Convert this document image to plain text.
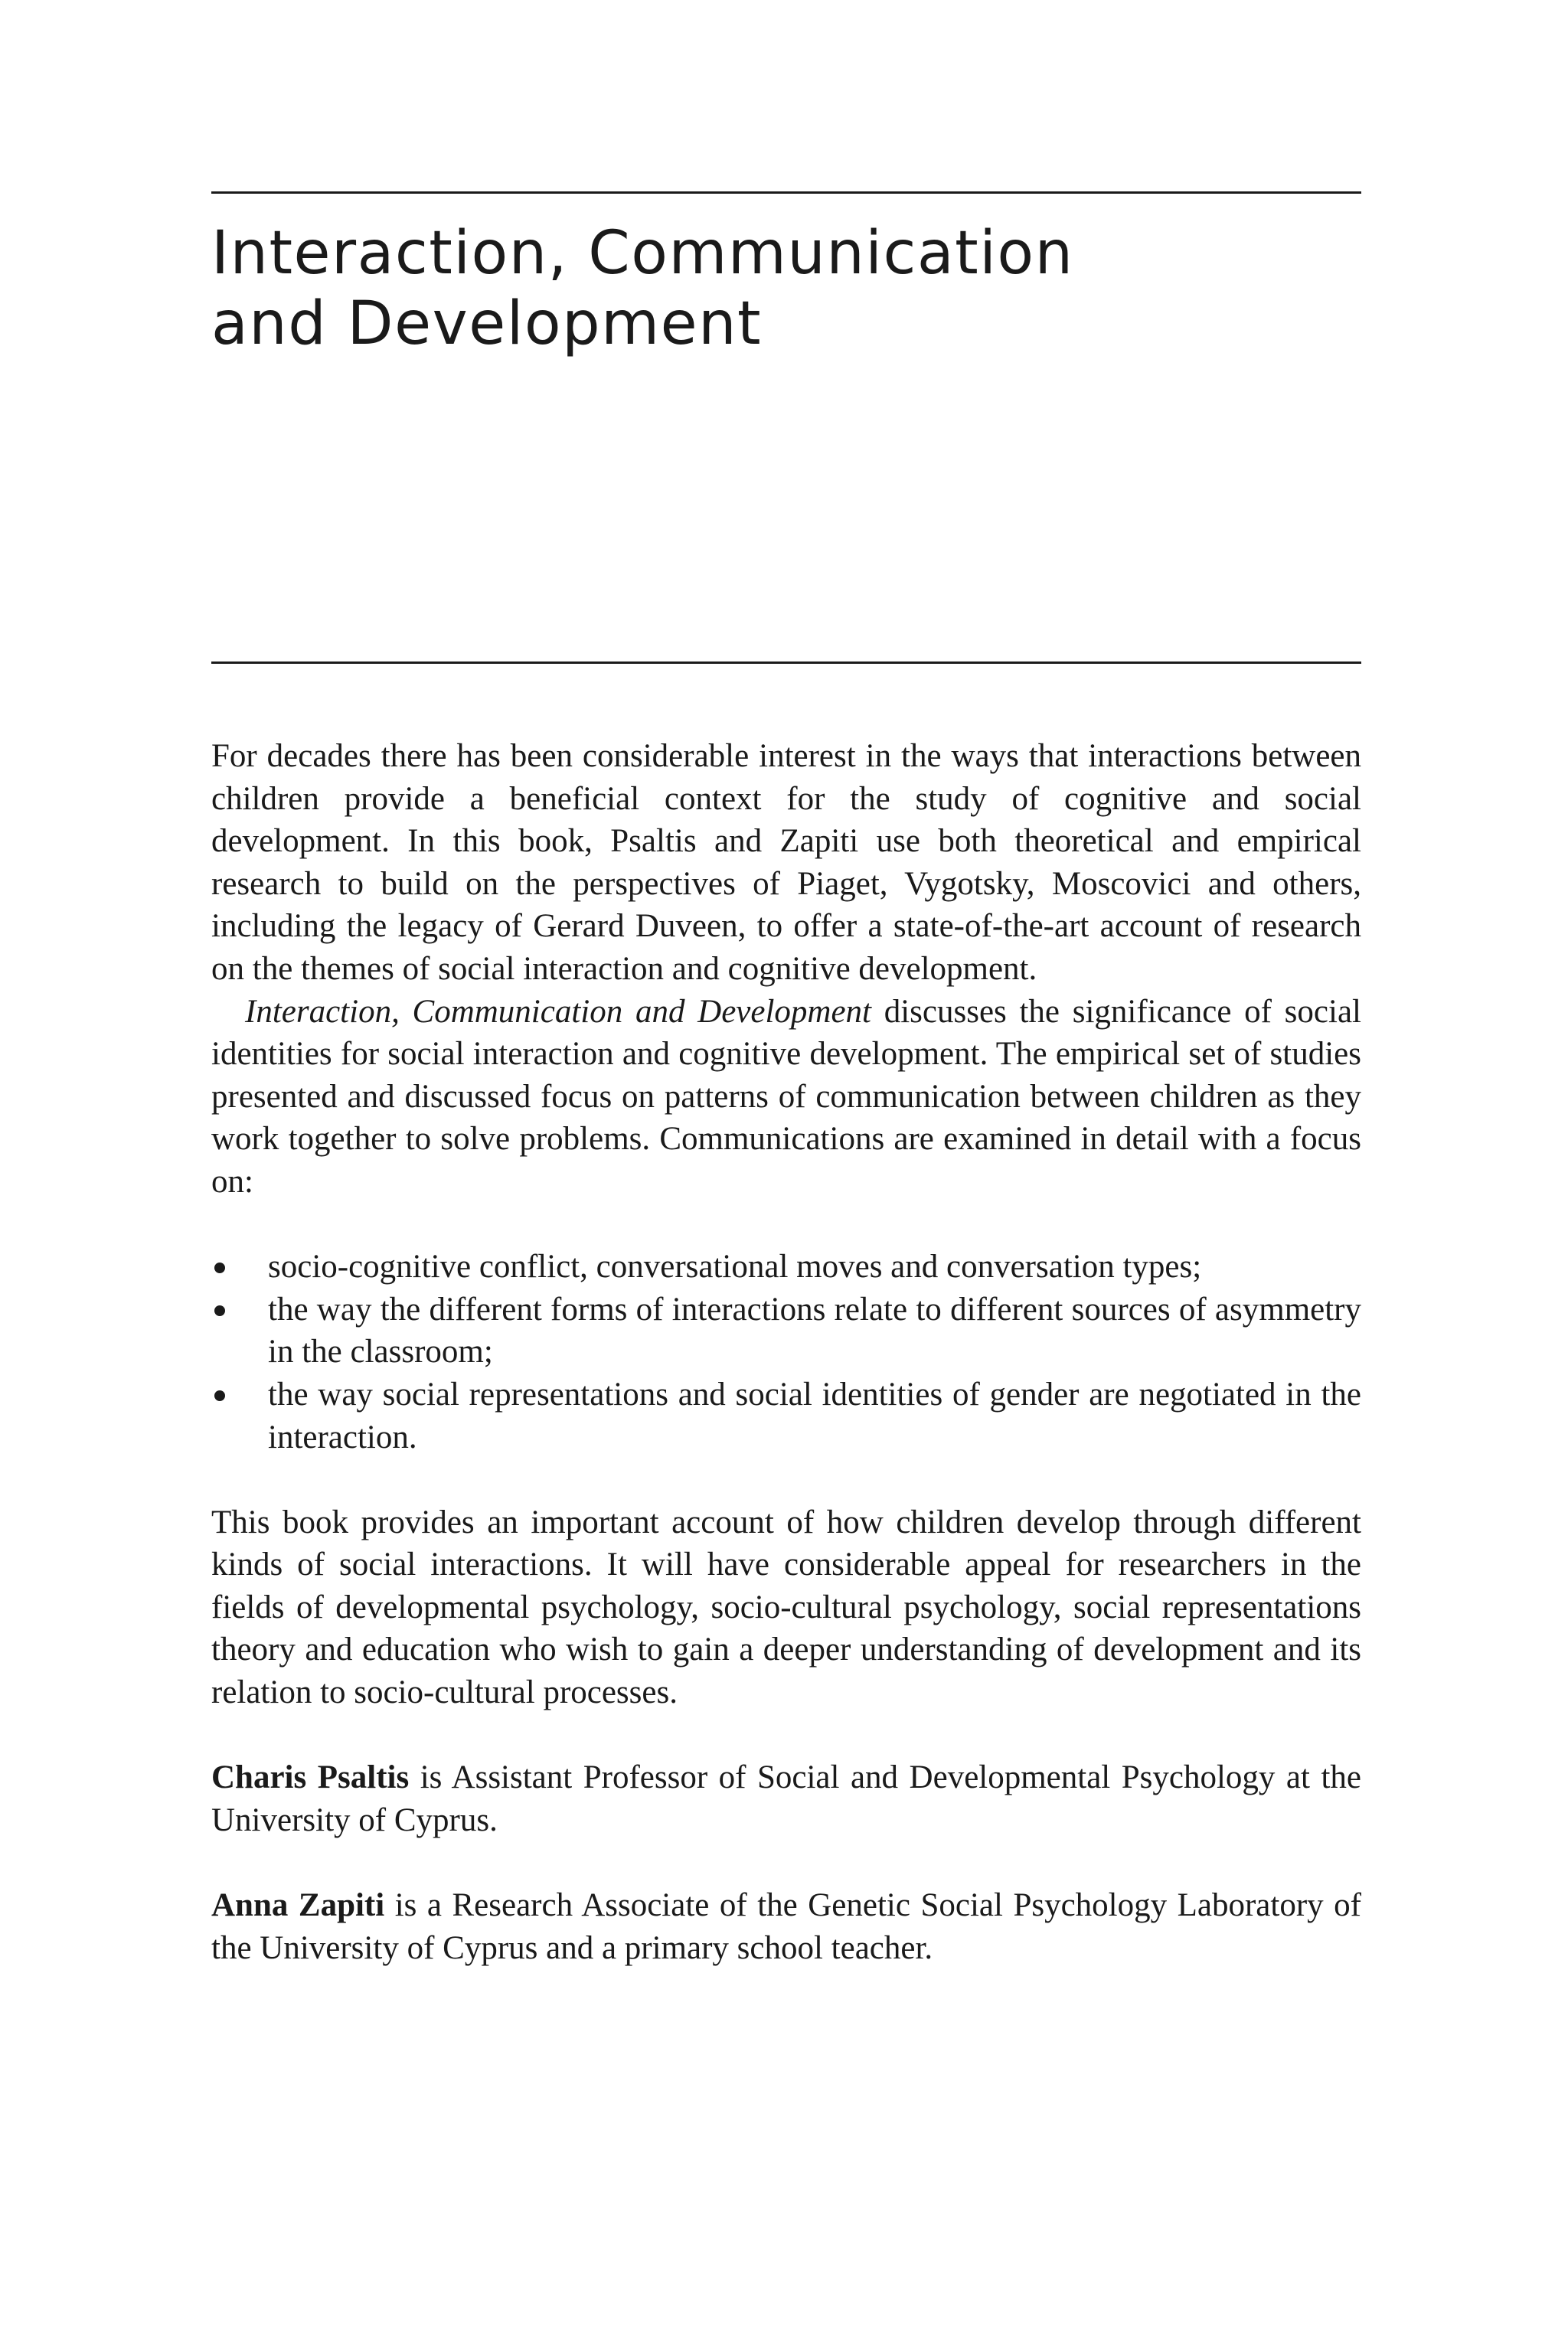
Interaction, Communication
and Development

For decades there has been considerable interest in the ways that interactions between children provide a beneficial context for the study of cognitive and social development. In this book, Psaltis and Zapiti use both theoretical and empirical research to build on the perspectives of Piaget, Vygotsky, Moscovici and others, including the legacy of Gerard Duveen, to offer a state-of-the-art account of research on the themes of social interaction and cognitive development.

Interaction, Communication and Development discusses the significance of social identities for social interaction and cognitive development. The empirical set of studies presented and discussed focus on patterns of communication between children as they work together to solve problems. Communications are examined in detail with a focus on:

socio-cognitive conflict, conversational moves and conversation types;
the way the different forms of interactions relate to different sources of asymmetry in the classroom;
the way social representations and social identities of gender are negotiated in the interaction.

This book provides an important account of how children develop through different kinds of social interactions. It will have considerable appeal for researchers in the fields of developmental psychology, socio-cultural psychology, social representations theory and education who wish to gain a deeper understanding of development and its relation to socio-cultural processes.

Charis Psaltis is Assistant Professor of Social and Developmental Psychology at the University of Cyprus.

Anna Zapiti is a Research Associate of the Genetic Social Psychology Laboratory of the University of Cyprus and a primary school teacher.
